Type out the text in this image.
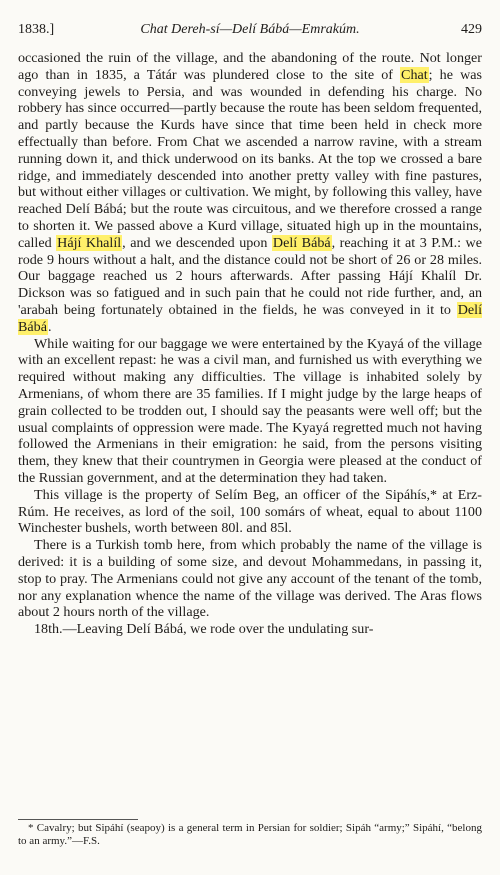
1838.]	Chat Dereh-sí—Delí Bábá—Emrakúm.	429

occasioned the ruin of the village, and the abandoning of the route. Not longer ago than in 1835, a Tátár was plundered close to the site of Chat; he was conveying jewels to Persia, and was wounded in defending his charge. No robbery has since occurred—partly because the route has been seldom frequented, and partly because the Kurds have since that time been held in check more effectually than before. From Chat we ascended a narrow ravine, with a stream running down it, and thick underwood on its banks. At the top we crossed a bare ridge, and immediately descended into another pretty valley with fine pastures, but without either villages or cultivation. We might, by following this valley, have reached Delí Bábá; but the route was circuitous, and we therefore crossed a range to shorten it. We passed above a Kurd village, situated high up in the mountains, called Hájí Khalíl, and we descended upon Delí Bábá, reaching it at 3 P.M.: we rode 9 hours without a halt, and the distance could not be short of 26 or 28 miles. Our baggage reached us 2 hours afterwards. After passing Hájí Khalíl Dr. Dickson was so fatigued and in such pain that he could not ride further, and, an 'arabah being fortunately obtained in the fields, he was conveyed in it to Delí Bábá.

While waiting for our baggage we were entertained by the Kyayá of the village with an excellent repast: he was a civil man, and furnished us with everything we required without making any difficulties. The village is inhabited solely by Armenians, of whom there are 35 families. If I might judge by the large heaps of grain collected to be trodden out, I should say the peasants were well off; but the usual complaints of oppression were made. The Kyayá regretted much not having followed the Armenians in their emigration: he said, from the persons visiting them, they knew that their countrymen in Georgia were pleased at the conduct of the Russian government, and at the determination they had taken.

This village is the property of Selím Beg, an officer of the Sipáhís,* at Erz-Rúm. He receives, as lord of the soil, 100 somárs of wheat, equal to about 1100 Winchester bushels, worth between 80l. and 85l.

There is a Turkish tomb here, from which probably the name of the village is derived: it is a building of some size, and devout Mohammedans, in passing it, stop to pray. The Armenians could not give any account of the tenant of the tomb, nor any explanation whence the name of the village was derived. The Aras flows about 2 hours north of the village.

18th.—Leaving Delí Bábá, we rode over the undulating sur-

* Cavalry; but Sipáhí (seapoy) is a general term in Persian for soldier; Sipáh “army;” Sipáhí, “belong to an army.”—F.S.
